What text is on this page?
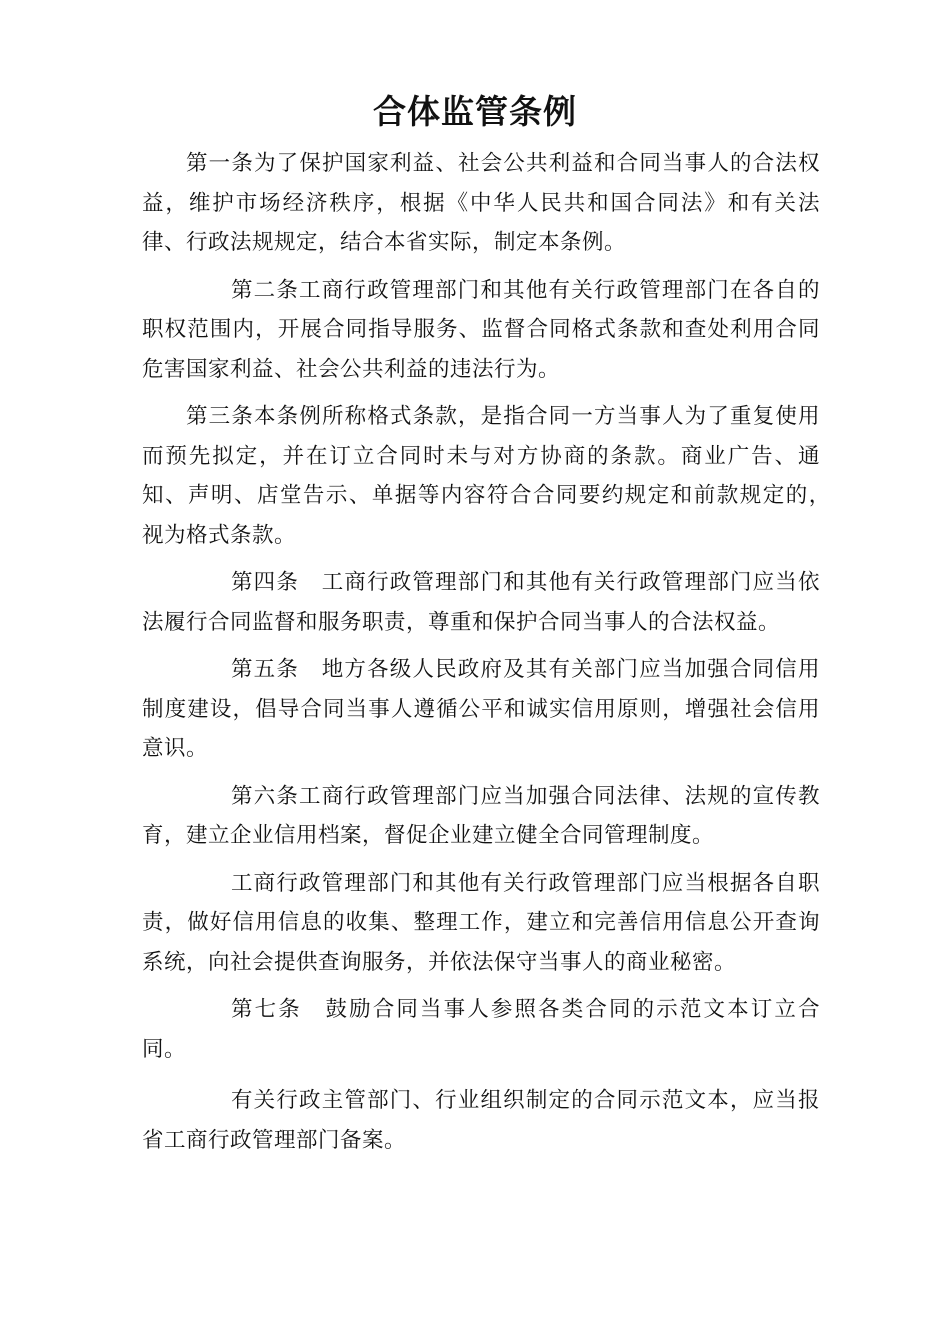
合体监管条例

第一条为了保护国家利益、社会公共利益和合同当事人的合法权益，维护市场经济秩序，根据《中华人民共和国合同法》和有关法律、行政法规规定，结合本省实际，制定本条例。

第二条工商行政管理部门和其他有关行政管理部门在各自的职权范围内，开展合同指导服务、监督合同格式条款和查处利用合同危害国家利益、社会公共利益的违法行为。

第三条本条例所称格式条款，是指合同一方当事人为了重复使用而预先拟定，并在订立合同时未与对方协商的条款。商业广告、通知、声明、店堂告示、单据等内容符合合同要约规定和前款规定的，　视为格式条款。

第四条　工商行政管理部门和其他有关行政管理部门应当依法履行合同监督和服务职责，尊重和保护合同当事人的合法权益。

第五条　地方各级人民政府及其有关部门应当加强合同信用制度建设，倡导合同当事人遵循公平和诚实信用原则，增强社会信用意识。

第六条工商行政管理部门应当加强合同法律、法规的宣传教育，建立企业信用档案，督促企业建立健全合同管理制度。

工商行政管理部门和其他有关行政管理部门应当根据各自职责，做好信用信息的收集、整理工作，建立和完善信用信息公开查询系统，向社会提供查询服务，并依法保守当事人的商业秘密。

第七条　鼓励合同当事人参照各类合同的示范文本订立合同。

有关行政主管部门、行业组织制定的合同示范文本，应当报省工商行政管理部门备案。
